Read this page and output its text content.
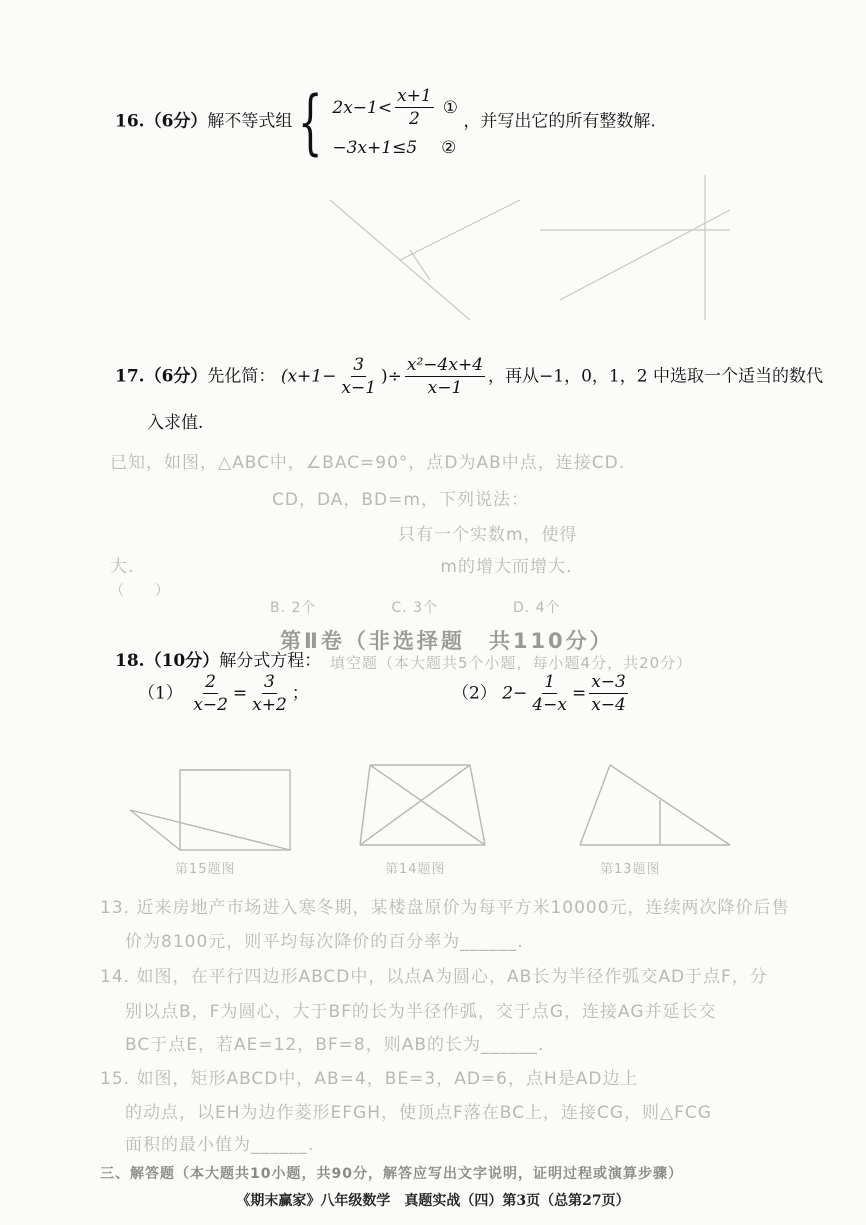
16.（6分）解不等式组 { $2x-1< \frac{x+1}{2}$ ①
−3x+1≤5 ②
，并写出它的所有整数解.

17.（6分）先化简： ($x+1- \frac{3}{x-1}$ )÷ $\frac{\text{x²−4x+4}}{x-1}$ ，再从−1，0，1，2 中选取一个适当的数代
入求值.
已知，如图，△ABC中，∠BAC=90°，点D为AB中点，连接CD.
　　　　　　　　　CD，DA，BD=m，下列说法：
　　　　　　　　　　　　　　　　只有一个实数m，使得
大.　　　　　　　　　　　　　　　　　m的增大而增大.
（　　）
B. 2个　　　　　C. 3个　　　　　D. 4个
第Ⅱ卷（非选择题　共110分）
18.（10分）解分式方程： 填空题（本大题共5个小题，每小题4分，共20分）
$(1) \frac{2}{x-2} = \frac{3}{x+2}$ ；	（2） $2- \frac{1}{4-x} = \frac{x-3}{x-4}$
第15题图	第14题图	第13题图
13. 近来房地产市场进入寒冬期，某楼盘原价为每平方米10000元，连续两次降价后售
价为8100元，则平均每次降价的百分率为______.
14. 如图，在平行四边形ABCD中，以点A为圆心，AB长为半径作弧交AD于点F，分
别以点B，F为圆心，大于BF的长为半径作弧，交于点G，连接AG并延长交
BC于点E，若AE=12，BF=8，则AB的长为______.
15. 如图，矩形ABCD中，AB=4，BE=3，AD=6，点H是AD边上
的动点，以EH为边作菱形EFGH，使顶点F落在BC上，连接CG，则△FCG
面积的最小值为______.
三、解答题（本大题共10小题，共90分，解答应写出文字说明，证明过程或演算步骤）
《期末赢家》八年级数学　真题实战（四）第3页（总第27页）
